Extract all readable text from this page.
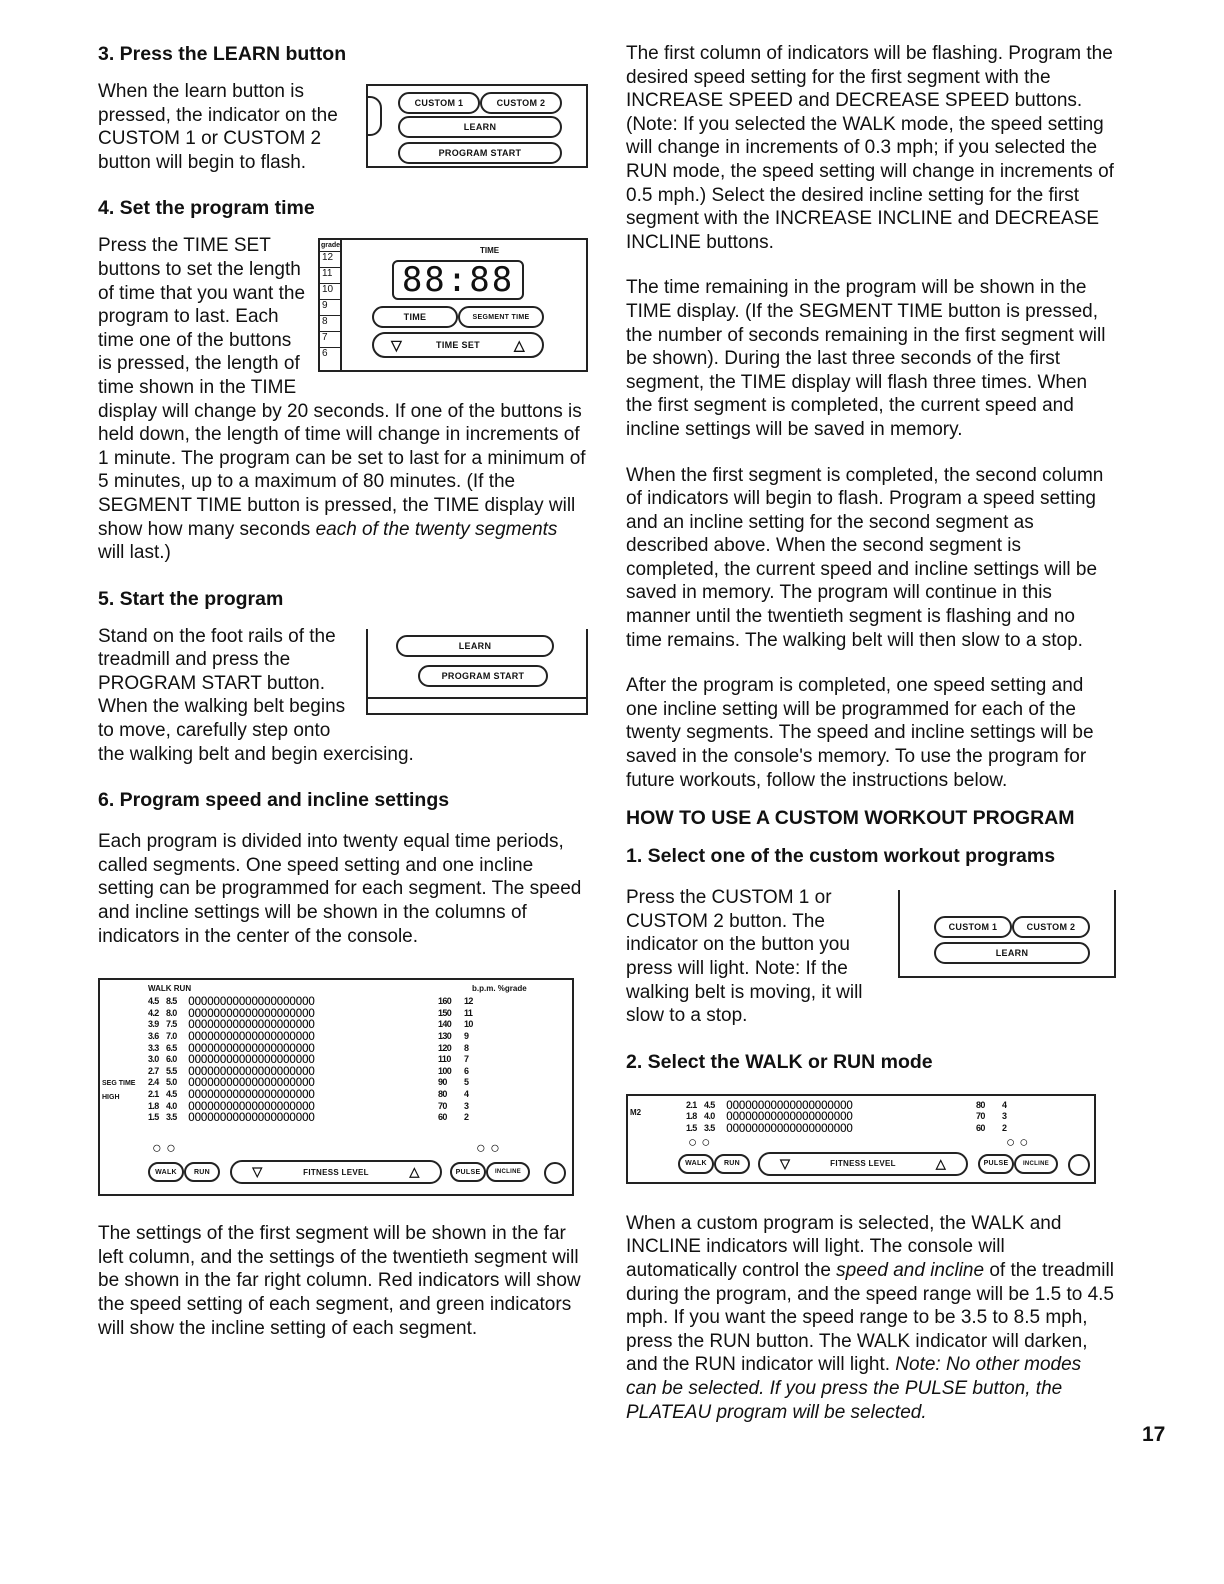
3. Press the LEARN button
CUSTOM 1	CUSTOM 2
LEARN
PROGRAM START

When the learn button is pressed, the indicator on the CUSTOM 1 or CUSTOM 2 button will begin to flash.

4. Set the program time
grade
12
11
10
9
8
7
6
TIME
88:88
TIME	SEGMENT TIME
▽	TIME SET △

Press the TIME SET buttons to set the length of time that you want the program to last. Each time one of the buttons is pressed, the length of time shown in the TIME display will change by 20 seconds. If one of the buttons is held down, the length of time will change in increments of 1 minute. The program can be set to last for a minimum of 5 minutes, up to a maximum of 80 minutes. (If the SEGMENT TIME button is pressed, the TIME display will show how many seconds each of the twenty segments will last.)

5. Start the program
LEARN
PROGRAM START

Stand on the foot rails of the treadmill and press the PROGRAM START button. When the walking belt begins to move, carefully step onto the walking belt and begin exercising.

6. Program speed and incline settings

Each program is divided into twenty equal time periods, called segments. One speed setting and one incline setting can be programmed for each segment. The speed and incline settings will be shown in the columns of indicators in the center of the console.

WALK RUN	b.p.m. %grade
4.5 8.5 OOOOOOOOOOOOOOOOOOOO	160	12
4.2 8.0 OOOOOOOOOOOOOOOOOOOO	150	11
3.9 7.5 OOOOOOOOOOOOOOOOOOOO	140	10
3.6 7.0 OOOOOOOOOOOOOOOOOOOO	130	9
3.3 6.5 OOOOOOOOOOOOOOOOOOOO	120	8
3.0 6.0 OOOOOOOOOOOOOOOOOOOO	110	7
2.7 5.5 OOOOOOOOOOOOOOOOOOOO	100	6
2.4 5.0 OOOOOOOOOOOOOOOOOOOO	90	5
2.1 4.5 OOOOOOOOOOOOOOOOOOOO	80	4
1.8 4.0 OOOOOOOOOOOOOOOOOOOO	70	3
1.5 3.5 OOOOOOOOOOOOOOOOOOOO	60	2
SEG TIME
HIGH
○ ○	○ ○
WALK RUN	▽	FITNESS LEVEL	△	PULSE INCLINE

The settings of the first segment will be shown in the far left column, and the settings of the twentieth segment will be shown in the far right column. Red indicators will show the speed setting of each segment, and green indicators will show the incline setting of each segment.

The first column of indicators will be flashing. Program the desired speed setting for the first segment with the INCREASE SPEED and DECREASE SPEED buttons. (Note: If you selected the WALK mode, the speed setting will change in increments of 0.3 mph; if you selected the RUN mode, the speed setting will change in increments of 0.5 mph.) Select the desired incline setting for the first segment with the INCREASE INCLINE and DECREASE INCLINE buttons.

The time remaining in the program will be shown in the TIME display. (If the SEGMENT TIME button is pressed, the number of seconds remaining in the first segment will be shown). During the last three seconds of the first segment, the TIME display will flash three times. When the first segment is completed, the current speed and incline settings will be saved in memory.

When the first segment is completed, the second column of indicators will begin to flash. Program a speed setting and an incline setting for the second segment as described above. When the second segment is completed, the current speed and incline settings will be saved in memory. The program will continue in this manner until the twentieth segment is flashing and no time remains. The walking belt will then slow to a stop.

After the program is completed, one speed setting and one incline setting will be programmed for each of the twenty segments. The speed and incline settings will be saved in the console's memory. To use the program for future workouts, follow the instructions below.

HOW TO USE A CUSTOM WORKOUT PROGRAM
1. Select one of the custom workout programs
CUSTOM 1	CUSTOM 2
LEARN

Press the CUSTOM 1 or CUSTOM 2 button. The indicator on the button you press will light. Note: If the walking belt is moving, it will slow to a stop.

2. Select the WALK or RUN mode
M2
2.1 4.5 OOOOOOOOOOOOOOOOOOOO	80	4
1.8 4.0 OOOOOOOOOOOOOOOOOOOO	70	3
1.5 3.5 OOOOOOOOOOOOOOOOOOOO	60	2
○ ○	○ ○
WALK RUN	▽	FITNESS LEVEL	△	PULSE INCLINE

When a custom program is selected, the WALK and INCLINE indicators will light. The console will automatically control the speed and incline of the treadmill during the program, and the speed range will be 1.5 to 4.5 mph. If you want the speed range to be 3.5 to 8.5 mph, press the RUN button. The WALK indicator will darken, and the RUN indicator will light. Note: No other modes can be selected. If you press the PULSE button, the PLATEAU program will be selected.

17
